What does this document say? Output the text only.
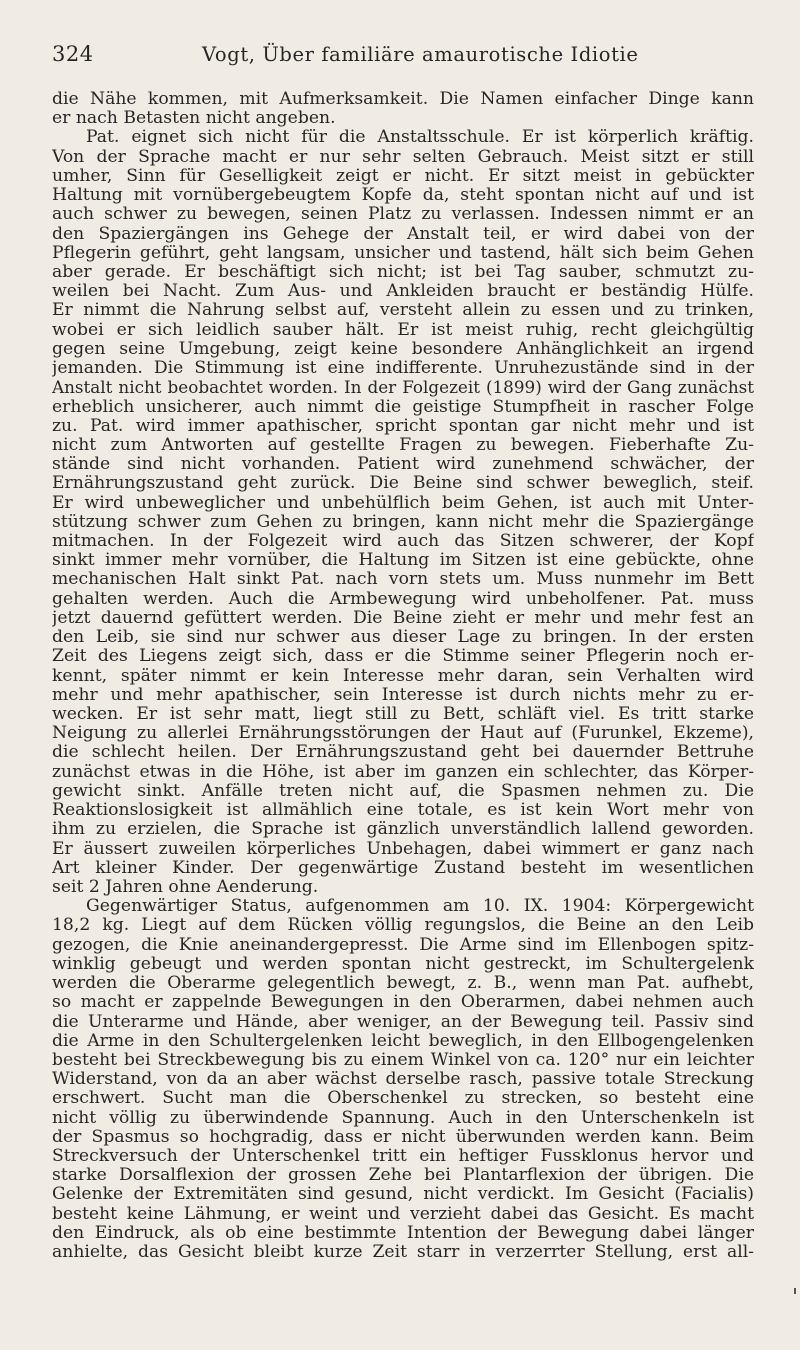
324	Vogt, Über familiäre amaurotische Idiotie
die Nähe kommen, mit Aufmerksamkeit. Die Namen einfacher Dinge kann
er nach Betasten nicht angeben.
Pat. eignet sich nicht für die Anstaltsschule. Er ist körperlich kräftig.
Von der Sprache macht er nur sehr selten Gebrauch. Meist sitzt er still
umher, Sinn für Geselligkeit zeigt er nicht. Er sitzt meist in gebückter
Haltung mit vornübergebeugtem Kopfe da, steht spontan nicht auf und ist
auch schwer zu bewegen, seinen Platz zu verlassen. Indessen nimmt er an
den Spaziergängen ins Gehege der Anstalt teil, er wird dabei von der
Pflegerin geführt, geht langsam, unsicher und tastend, hält sich beim Gehen
aber gerade. Er beschäftigt sich nicht; ist bei Tag sauber, schmutzt zu-
weilen bei Nacht. Zum Aus- und Ankleiden braucht er beständig Hülfe.
Er nimmt die Nahrung selbst auf, versteht allein zu essen und zu trinken,
wobei er sich leidlich sauber hält. Er ist meist ruhig, recht gleichgültig
gegen seine Umgebung, zeigt keine besondere Anhänglichkeit an irgend
jemanden. Die Stimmung ist eine indifferente. Unruhezustände sind in der
Anstalt nicht beobachtet worden. In der Folgezeit (1899) wird der Gang zunächst
erheblich unsicherer, auch nimmt die geistige Stumpfheit in rascher Folge
zu. Pat. wird immer apathischer, spricht spontan gar nicht mehr und ist
nicht zum Antworten auf gestellte Fragen zu bewegen. Fieberhafte Zu-
stände sind nicht vorhanden. Patient wird zunehmend schwächer, der
Ernährungszustand geht zurück. Die Beine sind schwer beweglich, steif.
Er wird unbeweglicher und unbehülflich beim Gehen, ist auch mit Unter-
stützung schwer zum Gehen zu bringen, kann nicht mehr die Spaziergänge
mitmachen. In der Folgezeit wird auch das Sitzen schwerer, der Kopf
sinkt immer mehr vornüber, die Haltung im Sitzen ist eine gebückte, ohne
mechanischen Halt sinkt Pat. nach vorn stets um. Muss nunmehr im Bett
gehalten werden. Auch die Armbewegung wird unbeholfener. Pat. muss
jetzt dauernd gefüttert werden. Die Beine zieht er mehr und mehr fest an
den Leib, sie sind nur schwer aus dieser Lage zu bringen. In der ersten
Zeit des Liegens zeigt sich, dass er die Stimme seiner Pflegerin noch er-
kennt, später nimmt er kein Interesse mehr daran, sein Verhalten wird
mehr und mehr apathischer, sein Interesse ist durch nichts mehr zu er-
wecken. Er ist sehr matt, liegt still zu Bett, schläft viel. Es tritt starke
Neigung zu allerlei Ernährungsstörungen der Haut auf (Furunkel, Ekzeme),
die schlecht heilen. Der Ernährungszustand geht bei dauernder Bettruhe
zunächst etwas in die Höhe, ist aber im ganzen ein schlechter, das Körper-
gewicht sinkt. Anfälle treten nicht auf, die Spasmen nehmen zu. Die
Reaktionslosigkeit ist allmählich eine totale, es ist kein Wort mehr von
ihm zu erzielen, die Sprache ist gänzlich unverständlich lallend geworden.
Er äussert zuweilen körperliches Unbehagen, dabei wimmert er ganz nach
Art kleiner Kinder. Der gegenwärtige Zustand besteht im wesentlichen
seit 2 Jahren ohne Aenderung.
Gegenwärtiger Status, aufgenommen am 10. IX. 1904: Körpergewicht
18,2 kg. Liegt auf dem Rücken völlig regungslos, die Beine an den Leib
gezogen, die Knie aneinandergepresst. Die Arme sind im Ellenbogen spitz-
winklig gebeugt und werden spontan nicht gestreckt, im Schultergelenk
werden die Oberarme gelegentlich bewegt, z. B., wenn man Pat. aufhebt,
so macht er zappelnde Bewegungen in den Oberarmen, dabei nehmen auch
die Unterarme und Hände, aber weniger, an der Bewegung teil. Passiv sind
die Arme in den Schultergelenken leicht beweglich, in den Ellbogengelenken
besteht bei Streckbewegung bis zu einem Winkel von ca. 120° nur ein leichter
Widerstand, von da an aber wächst derselbe rasch, passive totale Streckung
erschwert. Sucht man die Oberschenkel zu strecken, so besteht eine
nicht völlig zu überwindende Spannung. Auch in den Unterschenkeln ist
der Spasmus so hochgradig, dass er nicht überwunden werden kann. Beim
Streckversuch der Unterschenkel tritt ein heftiger Fussklonus hervor und
starke Dorsalflexion der grossen Zehe bei Plantarflexion der übrigen. Die
Gelenke der Extremitäten sind gesund, nicht verdickt. Im Gesicht (Facialis)
besteht keine Lähmung, er weint und verzieht dabei das Gesicht. Es macht
den Eindruck, als ob eine bestimmte Intention der Bewegung dabei länger
anhielte, das Gesicht bleibt kurze Zeit starr in verzerrter Stellung, erst all-
